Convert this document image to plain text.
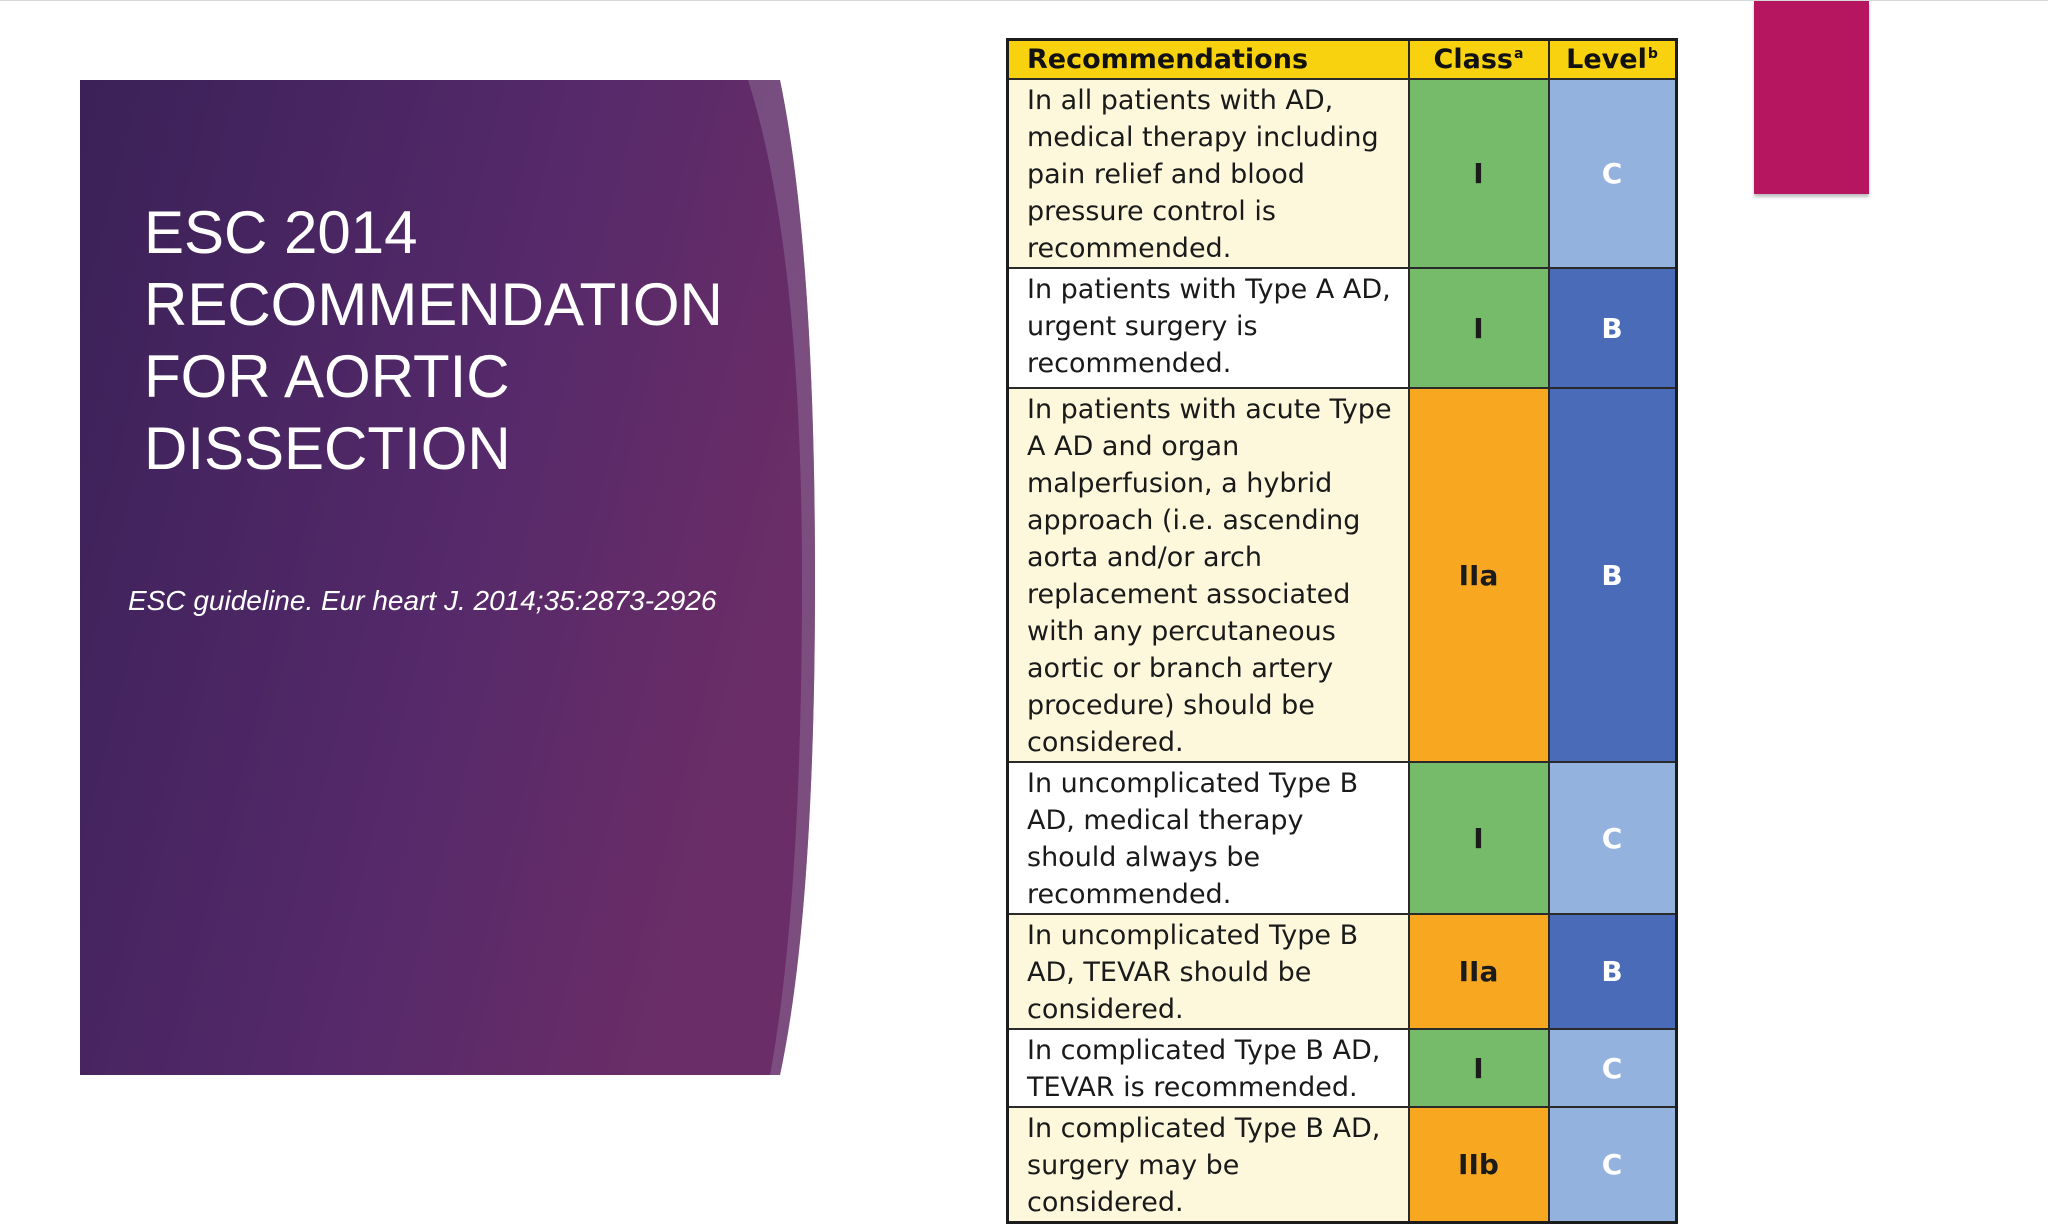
ESC 2014
RECOMMENDATION
FOR AORTIC
DISSECTION
ESC guideline. Eur heart J. 2014;35:2873-2926
Recommendations	Class$^a$	Level$^b$
In all patients with AD, medical therapy including pain relief and blood pressure control is recommended.	I	C
In patients with Type A AD, urgent surgery is recommended.	I	B
In patients with acute Type A AD and organ malperfusion, a hybrid approach (i.e. ascending aorta and/or arch replacement associated with any percutaneous aortic or branch artery procedure) should be considered.	IIa	B
In uncomplicated Type B AD, medical therapy should always be recommended.	I	C
In uncomplicated Type B AD, TEVAR should be considered.	IIa	B
In complicated Type B AD, TEVAR is recommended.	I	C
In complicated Type B AD, surgery may be considered.	IIb	C
